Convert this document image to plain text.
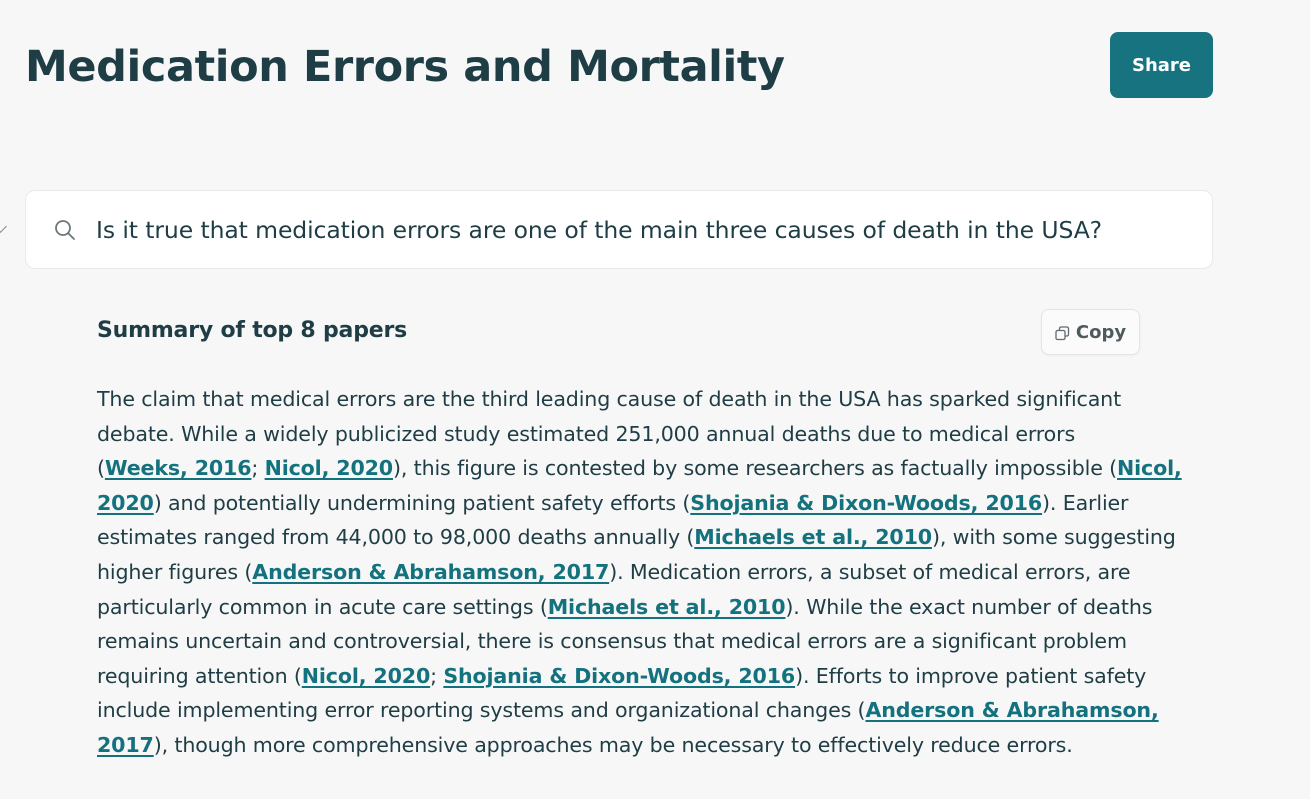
Medication Errors and Mortality	Share
Is it true that medication errors are one of the main three causes of death in the USA?
Summary of top 8 papers	Copy
The claim that medical errors are the third leading cause of death in the USA has sparked significant
debate. While a widely publicized study estimated 251,000 annual deaths due to medical errors
(Weeks, 2016; Nicol, 2020), this figure is contested by some researchers as factually impossible (Nicol,
2020) and potentially undermining patient safety efforts (Shojania & Dixon-Woods, 2016). Earlier
estimates ranged from 44,000 to 98,000 deaths annually (Michaels et al., 2010), with some suggesting
higher figures (Anderson & Abrahamson, 2017). Medication errors, a subset of medical errors, are
particularly common in acute care settings (Michaels et al., 2010). While the exact number of deaths
remains uncertain and controversial, there is consensus that medical errors are a significant problem
requiring attention (Nicol, 2020; Shojania & Dixon-Woods, 2016). Efforts to improve patient safety
include implementing error reporting systems and organizational changes (Anderson & Abrahamson,
2017), though more comprehensive approaches may be necessary to effectively reduce errors.
